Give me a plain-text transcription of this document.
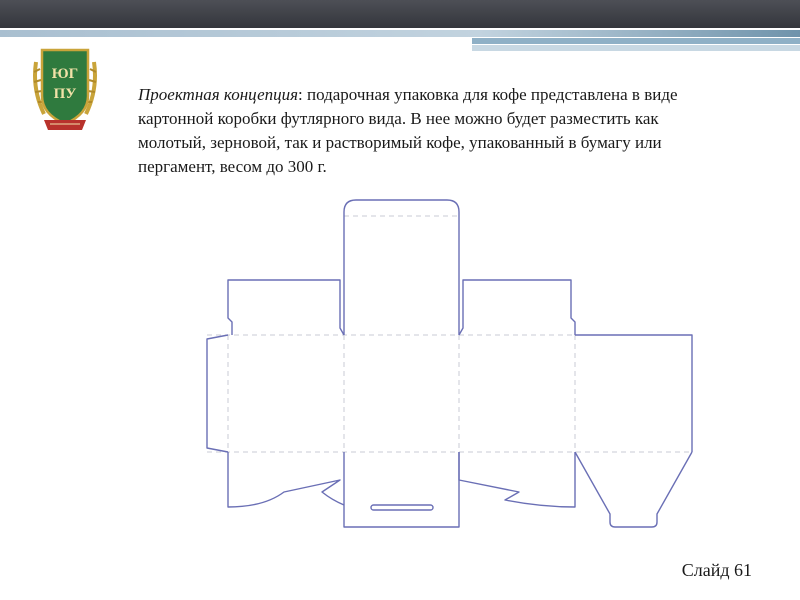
ЮГ
ПУ	Проектная концепция: подарочная упаковка для кофе представлена в виде
картонной коробки футлярного вида. В нее можно будет разместить как
молотый, зерновой, так и растворимый кофе, упакованный в бумагу или
пергамент, весом до 300 г.
Слайд 61
